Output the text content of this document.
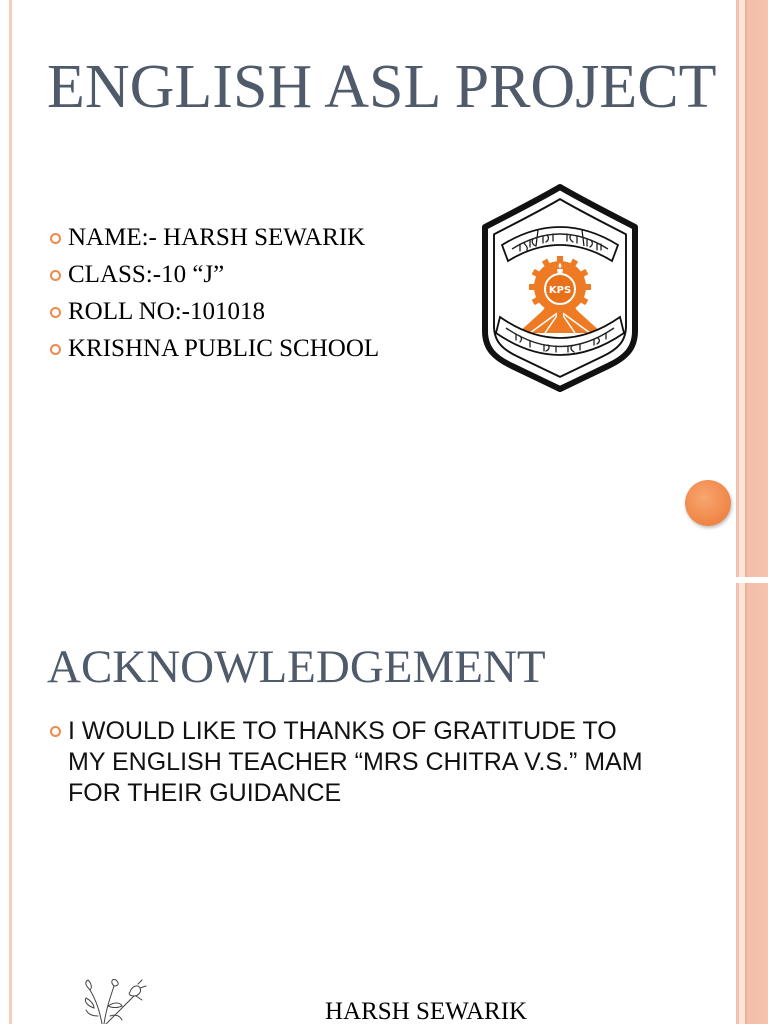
ENGLISH ASL PROJECT
NAME:- HARSH SEWARIK
CLASS:-10 “J”
ROLL NO:-101018
KRISHNA PUBLIC SCHOOL
KPS
ACKNOWLEDGEMENT
I WOULD LIKE TO THANKS OF GRATITUDE TO MY ENGLISH TEACHER “MRS CHITRA V.S.” MAM FOR THEIR GUIDANCE
HARSH SEWARIK
